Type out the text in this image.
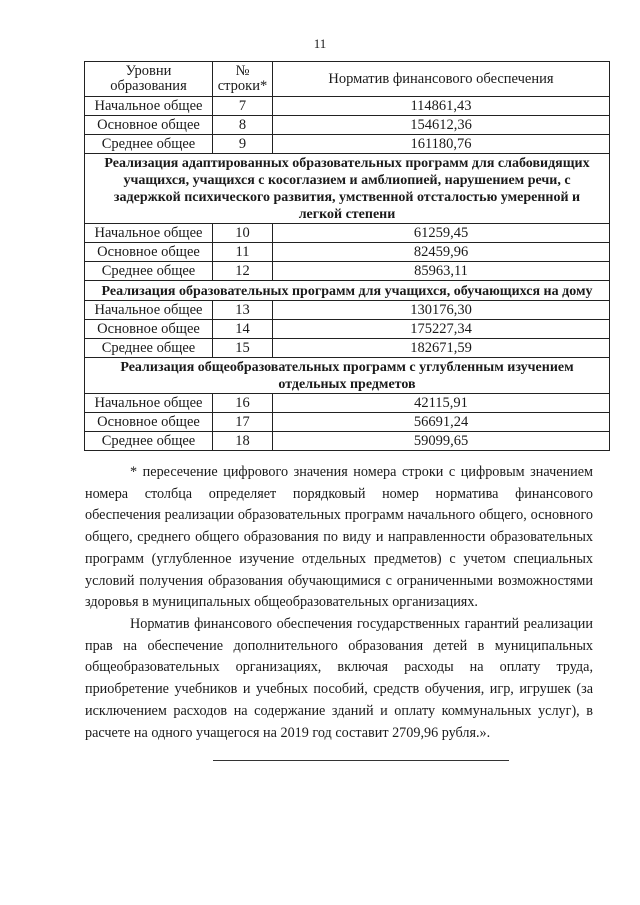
11
Уровни образования	№ строки*	Норматив финансового обеспечения
Начальное общее	7	114861,43
Основное общее	8	154612,36
Среднее общее	9	161180,76
Реализация адаптированных образовательных программ для слабовидящих учащихся, учащихся с косоглазием и амблиопией, нарушением речи, с задержкой психического развития, умственной отсталостью умеренной и легкой степени		
Начальное общее	10	61259,45
Основное общее	11	82459,96
Среднее общее	12	85963,11
Реализация образовательных программ для учащихся, обучающихся на дому		
Начальное общее	13	130176,30
Основное общее	14	175227,34
Среднее общее	15	182671,59
Реализация общеобразовательных программ с углубленным изучением отдельных предметов		
Начальное общее	16	42115,91
Основное общее	17	56691,24
Среднее общее	18	59099,65

* пересечение цифрового значения номера строки с цифровым значением номера столбца определяет порядковый номер норматива финансового обеспечения реализации образовательных программ начального общего, основного общего, среднего общего образования по виду и направленности образовательных программ (углубленное изучение отдельных предметов) с учетом специальных условий получения образования обучающимися с ограниченными возможностями здоровья в муниципальных общеобразовательных организациях.

Норматив финансового обеспечения государственных гарантий реализации прав на обеспечение дополнительного образования детей в муниципальных общеобразовательных организациях, включая расходы на оплату труда, приобретение учебников и учебных пособий, средств обучения, игр, игрушек (за исключением расходов на содержание зданий и оплату коммунальных услуг), в расчете на одного учащегося на 2019 год составит 2709,96 рубля.».
